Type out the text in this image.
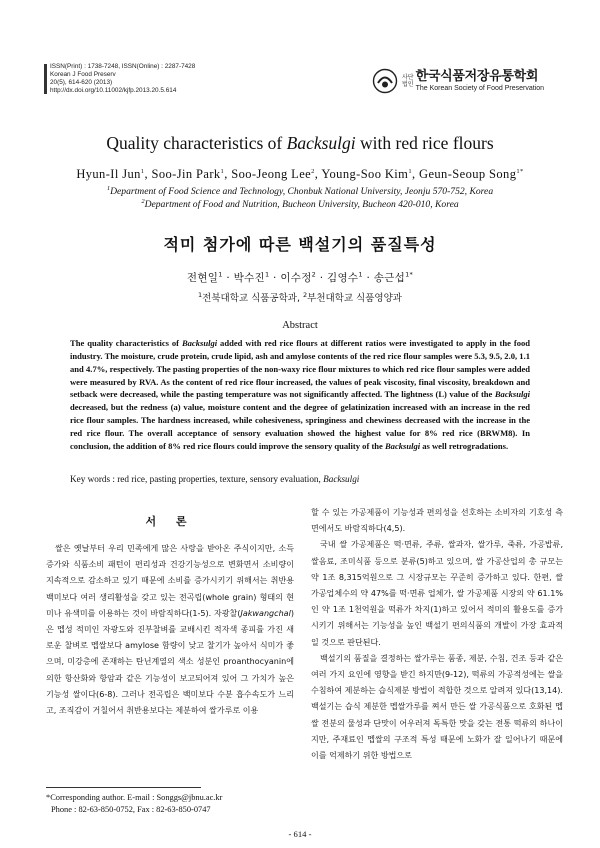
ISSN(Print) : 1738-7248, ISSN(Online) : 2287-7428
Korean J Food Preserv
20(5), 614-620 (2013)
http://dx.doi.org/10.11002/kjfp.2013.20.5.614
사단
법인
한국식품저장유통학회
The Korean Society of Food Preservation
Quality characteristics of Backsulgi with red rice flours
Hyun-Il Jun$^1$, Soo-Jin Park$^1$, Soo-Jeong Lee$^2$, Young-Soo Kim$^1$, Geun-Seoup Song$^{1*}$
$^1$Department of Food Science and Technology, Chonbuk National University, Jeonju 570-752, Korea
$^2$Department of Food and Nutrition, Bucheon University, Bucheon 420-010, Korea
적미 첨가에 따른 백설기의 품질특성
전현일$^1$ · 박수진$^1$ · 이수정$^2$ · 김영수$^1$ · 송근섭$^{1*}$
$^1$전북대학교 식품공학과, $^2$부천대학교 식품영양과
Abstract
The quality characteristics of Backsulgi added with red rice flours at different ratios were investigated to apply in the food industry. The moisture, crude protein, crude lipid, ash and amylose contents of the red rice flour samples were 5.3, 9.5, 2.0, 1.1 and 4.7%, respectively. The pasting properties of the non-waxy rice flour mixtures to which red rice flour samples were added were measured by RVA. As the content of red rice flour increased, the values of peak viscosity, final viscosity, breakdown and setback were decreased, while the pasting temperature was not significantly affected. The lightness (L) value of the Backsulgi decreased, but the redness (a) value, moisture content and the degree of gelatinization increased with an increase in the red rice flour samples. The hardness increased, while cohesiveness, springiness and chewiness decreased with the increase in the red rice flour. The overall acceptance of sensory evaluation showed the highest value for 8% red rice (BRWM8). In conclusion, the addition of 8% red rice flours could improve the sensory quality of the Backsulgi as well retrogradations.
Key words : red rice, pasting properties, texture, sensory evaluation, Backsulgi
서 론

쌀은 옛날부터 우리 민족에게 많은 사랑을 받아온 주식이지만, 소득 증가와 식품소비 패턴이 편리성과 건강기능성으로 변화면서 소비량이 지속적으로 감소하고 있기 때문에 소비를 증가시키기 위해서는 취반용 백미보다 여러 생리활성을 갖고 있는 전곡립(whole grain) 형태의 현미나 유색미를 이용하는 것이 바람직하다(1-5). 자광찰(Jakwangchal)은 멥성 적미인 자광도와 진부찰벼를 교배시킨 적자색 종피를 가진 새로운 찰벼로 멥쌀보다 amylose 함량이 낮고 찰기가 높아서 식미가 좋으며, 미강층에 존재하는 탄닌계열의 색소 성분인 proanthocyanin에 의한 항산화와 항암과 같은 기능성이 보고되어져 있어 그 가치가 높은 기능성 쌀이다(6-8). 그러나 전곡립은 백미보다 수분 흡수속도가 느리고, 조직감이 거칠어서 취반용보다는 제분하여 쌀가루로 이용

할 수 있는 가공제품이 기능성과 편의성을 선호하는 소비자의 기호성 측면에서도 바람직하다(4,5).

국내 쌀 가공제품은 떡·면류, 주류, 쌀과자, 쌀가루, 죽류, 가공밥류, 쌀음료, 조미식품 등으로 분류(5)하고 있으며, 쌀 가공산업의 총 규모는 약 1조 8,315억원으로 그 시장규모는 꾸준히 증가하고 있다. 한편, 쌀 가공업체수의 약 47%를 떡·면류 업체가, 쌀 가공제품 시장의 약 61.1%인 약 1조 1천억원을 떡류가 차지(1)하고 있어서 적미의 활용도를 증가시키기 위해서는 기능성을 높인 백설기 편의식품의 개발이 가장 효과적일 것으로 판단된다.

백설기의 품질을 결정하는 쌀가루는 품종, 제분, 수침, 건조 등과 같은 여러 가지 요인에 영향을 받긴 하지만(9-12), 떡류의 가공적성에는 쌀을 수침하여 제분하는 습식제분 방법이 적합한 것으로 알려져 있다(13,14). 백설기는 습식 제분한 멥쌀가루를 쪄서 만든 쌀 가공식품으로 호화된 멥쌀 전분의 물성과 단맛이 어우러져 독특한 맛을 갖는 전통 떡류의 하나이지만, 주재료인 멥쌀의 구조적 특성 때문에 노화가 잘 일어나기 때문에 이를 억제하기 위한 방법으로

*Corresponding author. E-mail : Songgs@jbnu.ac.kr
Phone : 82-63-850-0752, Fax : 82-63-850-0747
- 614 -
